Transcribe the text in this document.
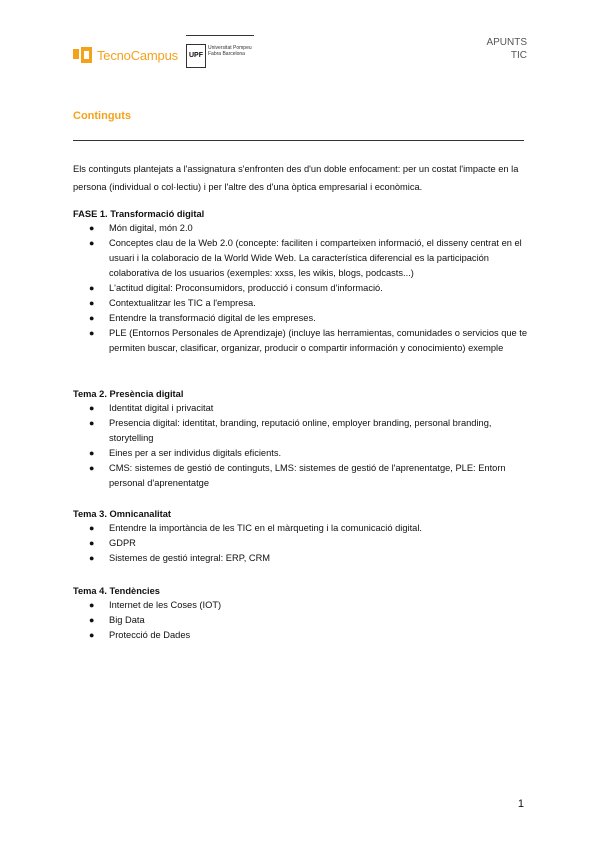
TecnoCampus	UPF
Universitat Pompeu Fabra Barcelona
APUNTS
TIC
Continguts
Els continguts plantejats a l'assignatura s'enfronten des d'un doble enfocament: per un costat l'impacte en la persona (individual o col·lectiu) i per l'altre des d'una òptica empresarial i econòmica.
FASE 1. Transformació digital
● Món digital, món 2.0
● Conceptes clau de la Web 2.0 (concepte: faciliten i comparteixen informació, el disseny centrat en el usuari i la colaboracio de la World Wide Web. La característica diferencial es la participación colaborativa de los usuarios (exemples: xxss, les wikis, blogs, podcasts...)
● L'actitud digital: Proconsumidors, producció i consum d'informació.
● Contextualitzar les TIC a l'empresa.
● Entendre la transformació digital de les empreses.
● PLE (Entornos Personales de Aprendizaje) (incluye las herramientas, comunidades o servicios que te permiten buscar, clasificar, organizar, producir o compartir información y conocimiento) exemple
Tema 2. Presència digital
● Identitat digital i privacitat
● Presencia digital: identitat, branding, reputació online, employer branding, personal branding, storytelling
● Eines per a ser individus digitals eficients.
● CMS: sistemes de gestió de continguts, LMS: sistemes de gestió de l'aprenentatge, PLE: Entorn personal d'aprenentatge
Tema 3. Omnicanalitat
● Entendre la importància de les TIC en el màrqueting i la comunicació digital.
● GDPR
● Sistemes de gestió integral: ERP, CRM
Tema 4. Tendències
● Internet de les Coses (IOT)
● Big Data
● Protecció de Dades
1
